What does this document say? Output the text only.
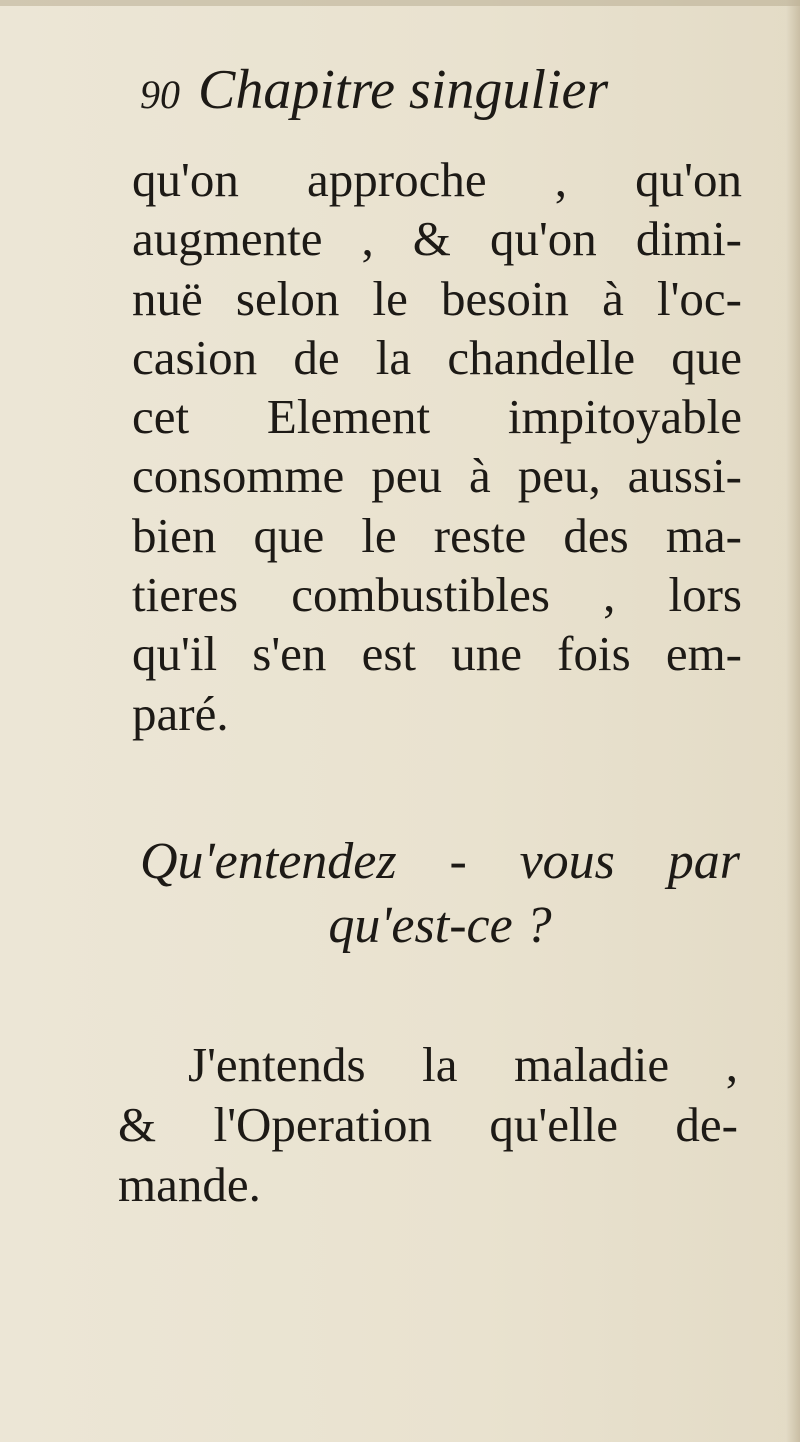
90 Chapitre singulier
qu'on approche , qu'on
augmente , & qu'on dimi-
nuë selon le besoin à l'oc-
casion de la chandelle que
cet Element impitoyable
consomme peu à peu, aussi-
bien que le reste des ma-
tieres combustibles , lors
qu'il s'en est une fois em-
paré.
Qu'entendez - vous par
qu'est-ce ?
J'entends la maladie ,
& l'Operation qu'elle de-
mande.
